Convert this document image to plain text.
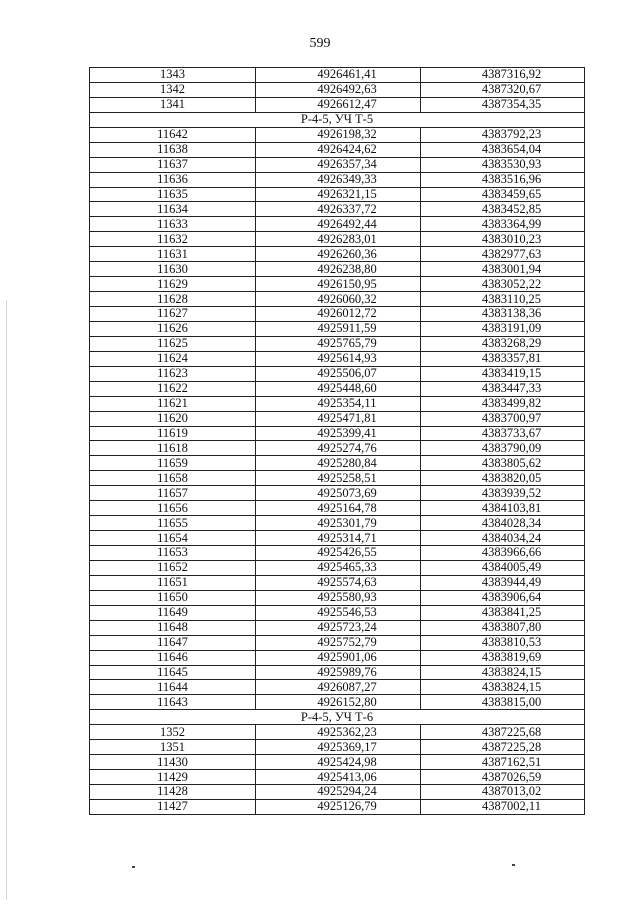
599
1343	4926461,41	4387316,92
1342	4926492,63	4387320,67
1341	4926612,47	4387354,35
Р-4-5, УЧ Т-5		
11642	4926198,32	4383792,23
11638	4926424,62	4383654,04
11637	4926357,34	4383530,93
11636	4926349,33	4383516,96
11635	4926321,15	4383459,65
11634	4926337,72	4383452,85
11633	4926492,44	4383364,99
11632	4926283,01	4383010,23
11631	4926260,36	4382977,63
11630	4926238,80	4383001,94
11629	4926150,95	4383052,22
11628	4926060,32	4383110,25
11627	4926012,72	4383138,36
11626	4925911,59	4383191,09
11625	4925765,79	4383268,29
11624	4925614,93	4383357,81
11623	4925506,07	4383419,15
11622	4925448,60	4383447,33
11621	4925354,11	4383499,82
11620	4925471,81	4383700,97
11619	4925399,41	4383733,67
11618	4925274,76	4383790,09
11659	4925280,84	4383805,62
11658	4925258,51	4383820,05
11657	4925073,69	4383939,52
11656	4925164,78	4384103,81
11655	4925301,79	4384028,34
11654	4925314,71	4384034,24
11653	4925426,55	4383966,66
11652	4925465,33	4384005,49
11651	4925574,63	4383944,49
11650	4925580,93	4383906,64
11649	4925546,53	4383841,25
11648	4925723,24	4383807,80
11647	4925752,79	4383810,53
11646	4925901,06	4383819,69
11645	4925989,76	4383824,15
11644	4926087,27	4383824,15
11643	4926152,80	4383815,00
Р-4-5, УЧ Т-6		
1352	4925362,23	4387225,68
1351	4925369,17	4387225,28
11430	4925424,98	4387162,51
11429	4925413,06	4387026,59
11428	4925294,24	4387013,02
11427	4925126,79	4387002,11
